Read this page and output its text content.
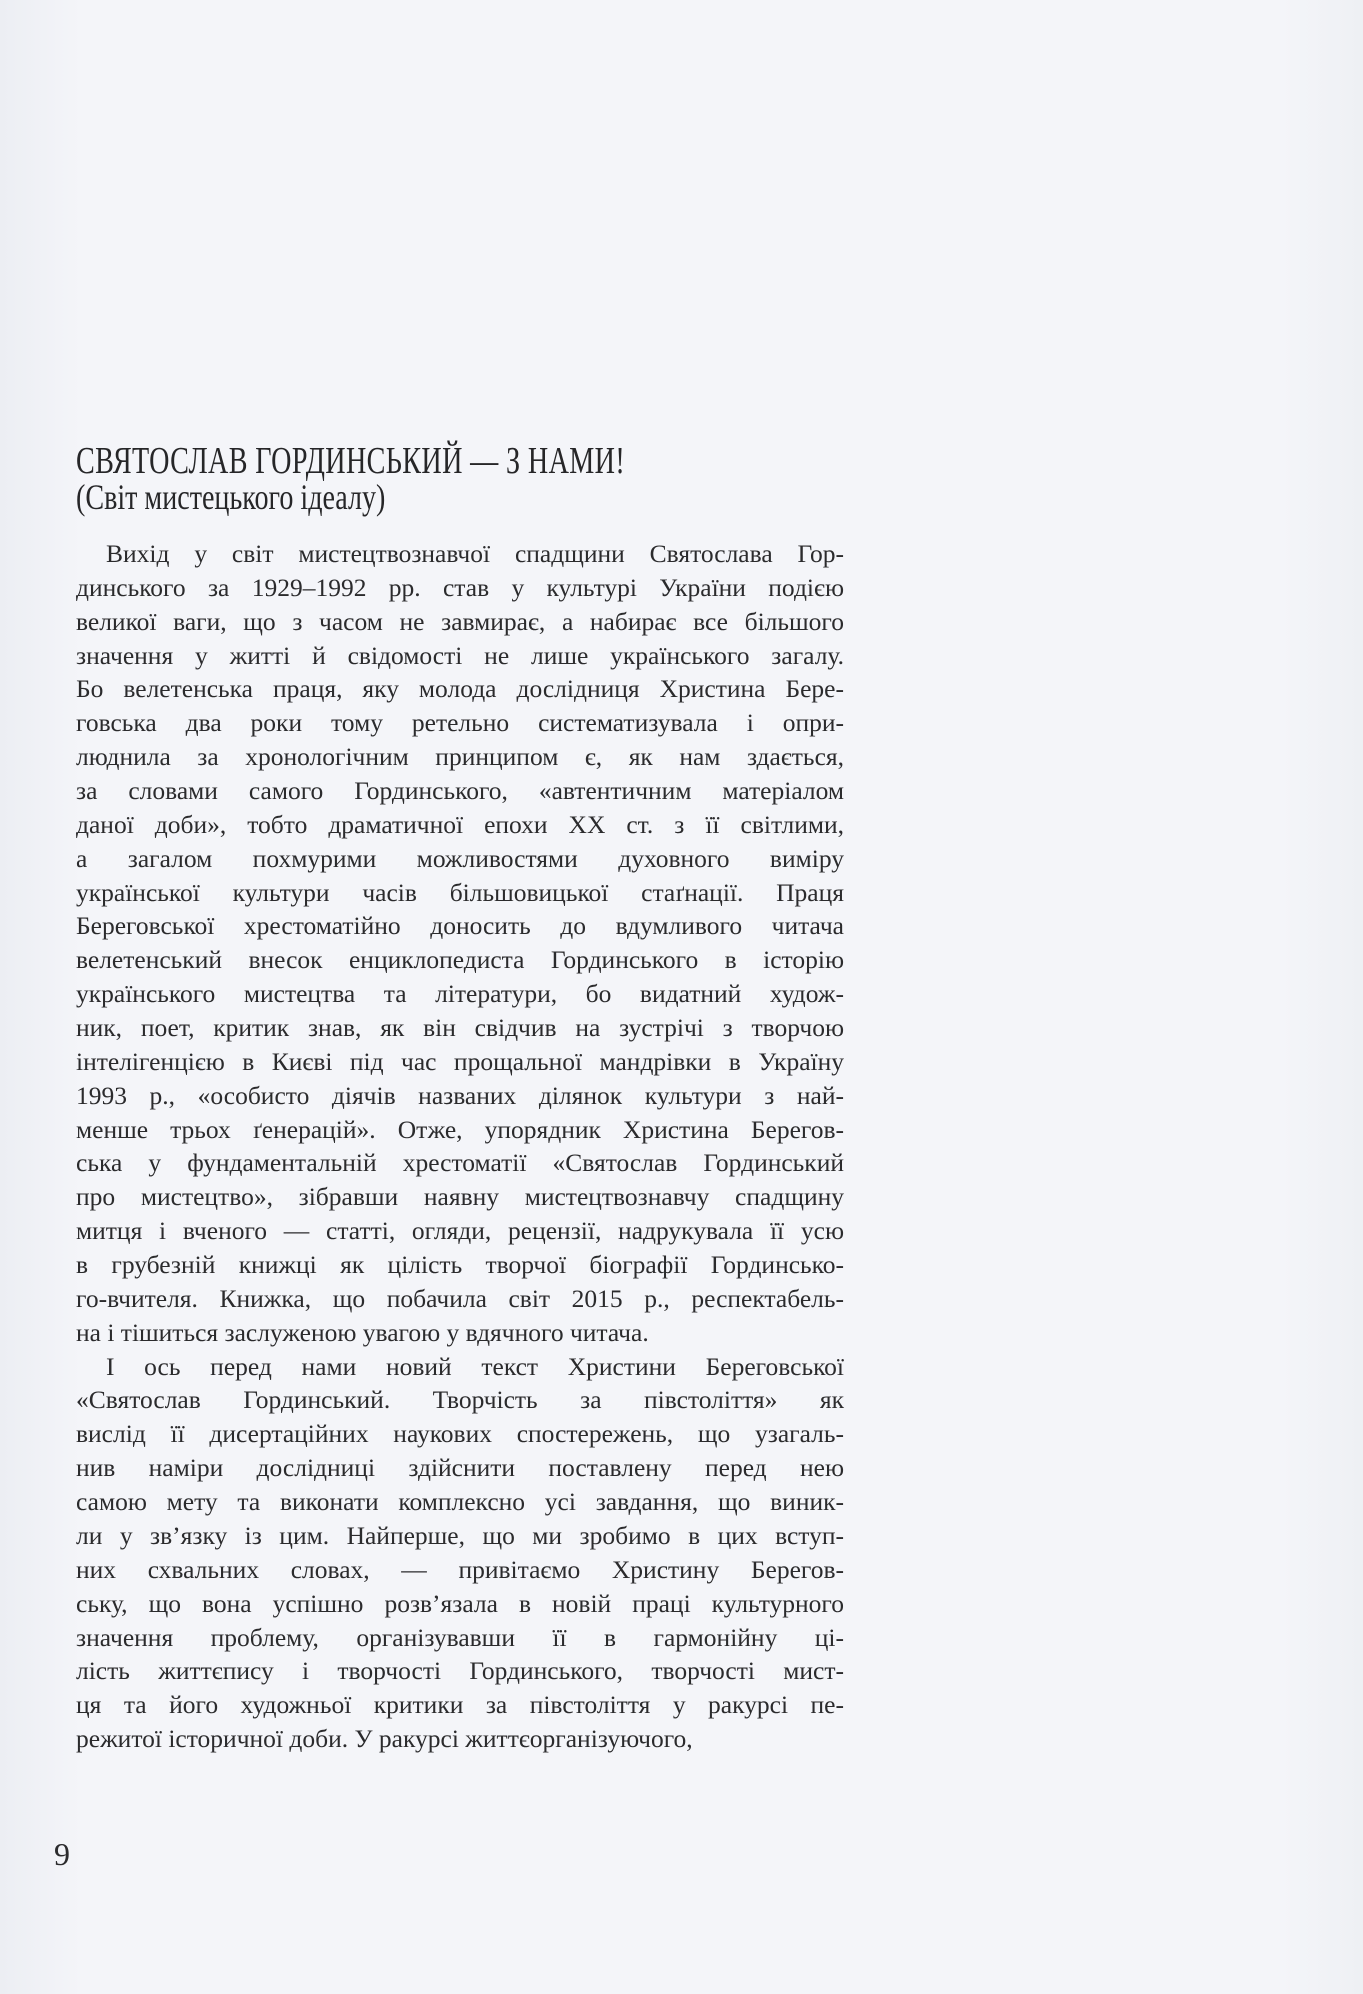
СВЯТОСЛАВ ГОРДИНСЬКИЙ — З НАМИ!
(Світ мистецького ідеалу)
Вихід у світ мистецтвознавчої спадщини Святослава Гор-
динського за 1929–1992 рр. став у культурі України подією
великої ваги, що з часом не завмирає, а набирає все більшого
значення у житті й свідомості не лише українського загалу.
Бо велетенська праця, яку молода дослідниця Христина Бере-
говська два роки тому ретельно систематизувала і опри-
люднила за хронологічним принципом є, як нам здається,
за словами самого Гординського, «автентичним матеріалом
даної доби», тобто драматичної епохи XX ст. з її світлими,
а загалом похмурими можливостями духовного виміру
української культури часів більшовицької стаґнації. Праця
Береговської хрестоматійно доносить до вдумливого читача
велетенський внесок енциклопедиста Гординського в історію
українського мистецтва та літератури, бо видатний худож-
ник, поет, критик знав, як він свідчив на зустрічі з творчою
інтелігенцією в Києві під час прощальної мандрівки в Україну
1993 р., «особисто діячів названих ділянок культури з най-
менше трьох ґенерацій». Отже, упорядник Христина Берегов-
ська у фундаментальній хрестоматії «Святослав Гординський
про мистецтво», зібравши наявну мистецтвознавчу спадщину
митця і вченого — статті, огляди, рецензії, надрукувала її усю
в грубезній книжці як цілість творчої біографії Гординсько-
го-вчителя. Книжка, що побачила світ 2015 р., респектабель-
на і тішиться заслуженою увагою у вдячного читача.
І ось перед нами новий текст Христини Береговської
«Святослав Гординський. Творчість за півстоліття» як
вислід її дисертаційних наукових спостережень, що узагаль-
нив наміри дослідниці здійснити поставлену перед нею
самою мету та виконати комплексно усі завдання, що виник-
ли у зв’язку із цим. Найперше, що ми зробимо в цих вступ-
них схвальних словах, — привітаємо Христину Берегов-
ську, що вона успішно розв’язала в новій праці культурного
значення проблему, організувавши її в гармонійну ці-
лість життєпису і творчості Гординського, творчості мист-
ця та його художньої критики за півстоліття у ракурсі пе-
режитої історичної доби. У ракурсі життєорганізуючого,
9
